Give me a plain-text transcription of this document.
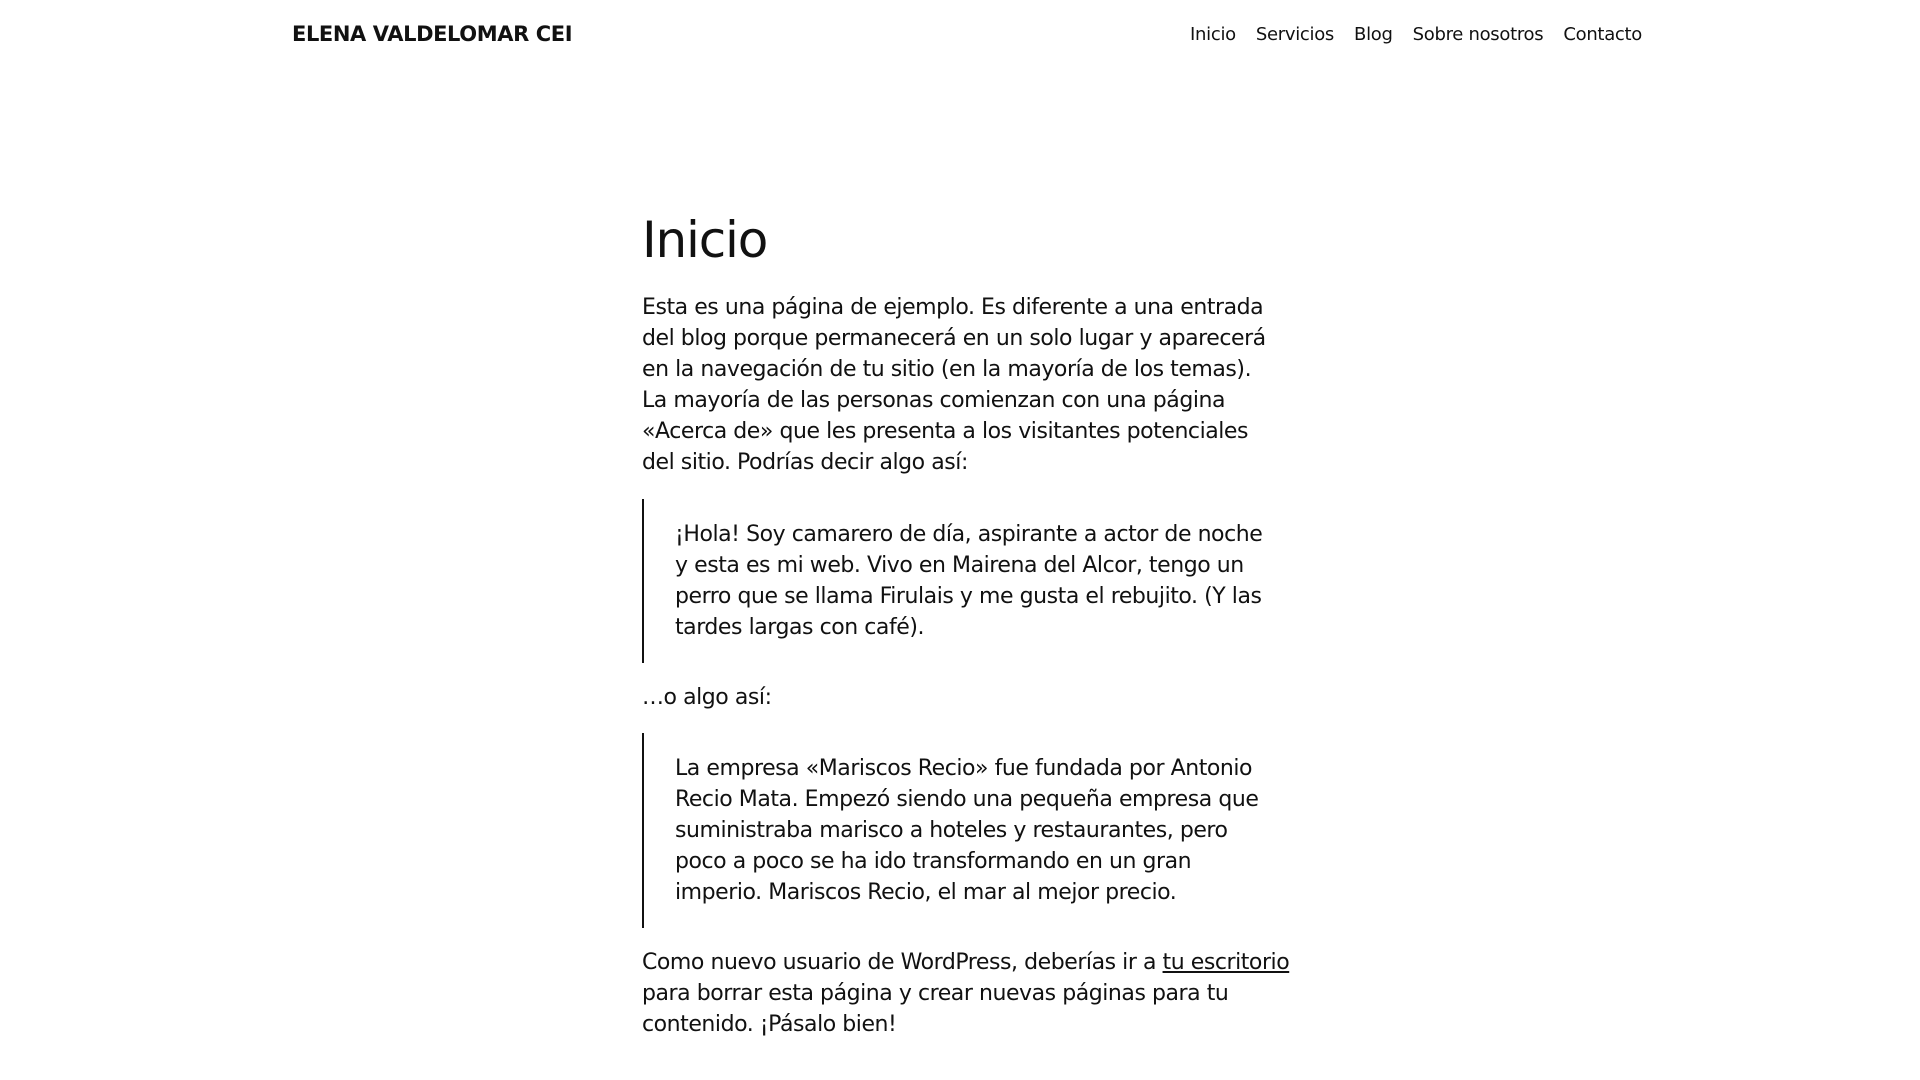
ELENA VALDELOMAR CEI	Inicio Servicios Blog Sobre nosotros Contacto
Inicio

Esta es una página de ejemplo. Es diferente a una entrada del blog porque permanecerá en un solo lugar y aparecerá en la navegación de tu sitio (en la mayoría de los temas). La mayoría de las personas comienzan con una página «Acerca de» que les presenta a los visitantes potenciales del sitio. Podrías decir algo así:

¡Hola! Soy camarero de día, aspirante a actor de noche y esta es mi web. Vivo en Mairena del Alcor, tengo un perro que se llama Firulais y me gusta el rebujito. (Y las tardes largas con café).

…o algo así:

La empresa «Mariscos Recio» fue fundada por Antonio Recio Mata. Empezó siendo una pequeña empresa que suministraba marisco a hoteles y restaurantes, pero poco a poco se ha ido transformando en un gran imperio. Mariscos Recio, el mar al mejor precio.

Como nuevo usuario de WordPress, deberías ir a tu escritorio para borrar esta página y crear nuevas páginas para tu contenido. ¡Pásalo bien!
